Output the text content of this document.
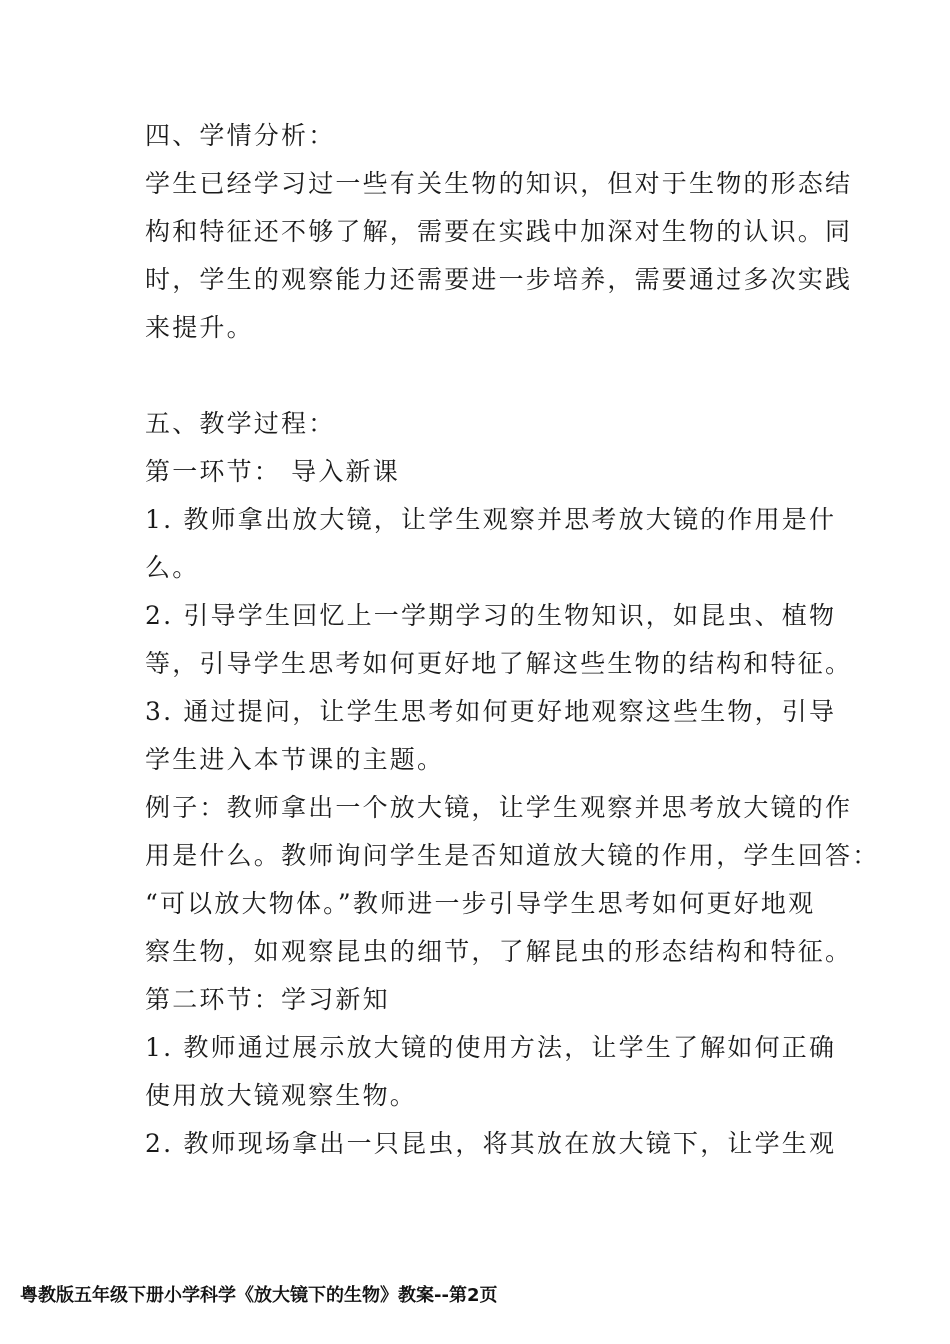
四、学情分析：
学生已经学习过一些有关生物的知识，但对于生物的形态结
构和特征还不够了解，需要在实践中加深对生物的认识。同
时，学生的观察能力还需要进一步培养，需要通过多次实践
来提升。
五、教学过程：
第一环节： 导入新课
1. 教师拿出放大镜，让学生观察并思考放大镜的作用是什
么。
2. 引导学生回忆上一学期学习的生物知识，如昆虫、植物
等，引导学生思考如何更好地了解这些生物的结构和特征。
3. 通过提问，让学生思考如何更好地观察这些生物，引导
学生进入本节课的主题。
例子：教师拿出一个放大镜，让学生观察并思考放大镜的作
用是什么。教师询问学生是否知道放大镜的作用，学生回答：
“可以放大物体。”教师进一步引导学生思考如何更好地观
察生物，如观察昆虫的细节，了解昆虫的形态结构和特征。
第二环节：学习新知
1. 教师通过展示放大镜的使用方法，让学生了解如何正确
使用放大镜观察生物。
2. 教师现场拿出一只昆虫，将其放在放大镜下，让学生观
粤教版五年级下册小学科学《放大镜下的生物》教案--第2页
